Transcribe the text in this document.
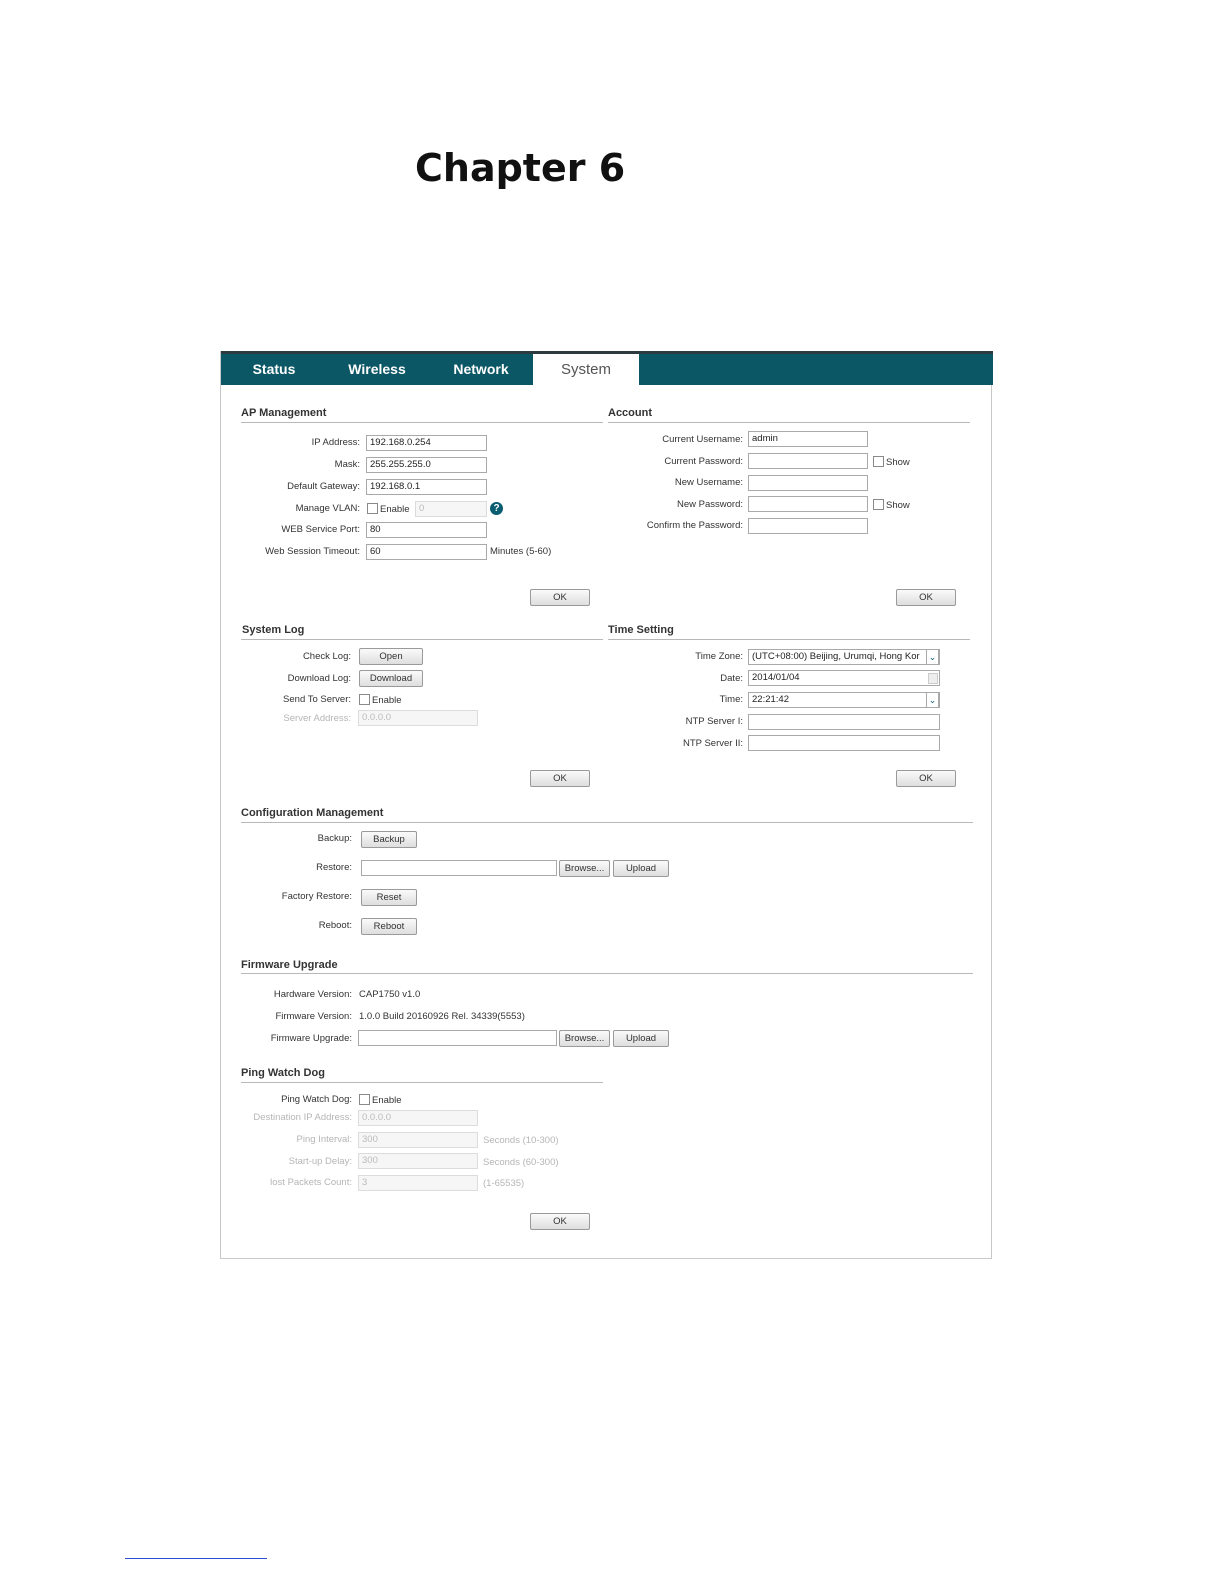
Chapter 6
Status	Wireless	Network	System
AP Management
IP Address:	192.168.0.254
Mask:	255.255.255.0
Default Gateway:	192.168.0.1
Manage VLAN: Enable 0	?
WEB Service Port:	80
Web Session Timeout:	60	Minutes (5-60)
OK
Account
Current Username: admin
Current Password:	Show
New Username:
New Password:	Show
Confirm the Password:
OK
System Log
Check Log:	Open
Download Log:	Download
Send To Server: Enable
Server Address:	0.0.0.0
OK
Time Setting
Time Zone: (UTC+08:00) Beijing, Urumqi, Hong Kor	⌄
Date: 2014/01/04
Time: 22:21:42	⌄
NTP Server I:
NTP Server II:
OK
Configuration Management
Backup:	Backup
Restore:	Browse...	Upload
Factory Restore:	Reset
Reboot:	Reboot
Firmware Upgrade
Hardware Version: CAP1750 v1.0
Firmware Version: 1.0.0 Build 20160926 Rel. 34339(5553)
Firmware Upgrade:	Browse...	Upload
Ping Watch Dog
Ping Watch Dog: Enable
Destination IP Address:	0.0.0.0
Ping Interval:	300	Seconds (10-300)
Start-up Delay:	300	Seconds (60-300)
lost Packets Count:	3	(1-65535)
OK
